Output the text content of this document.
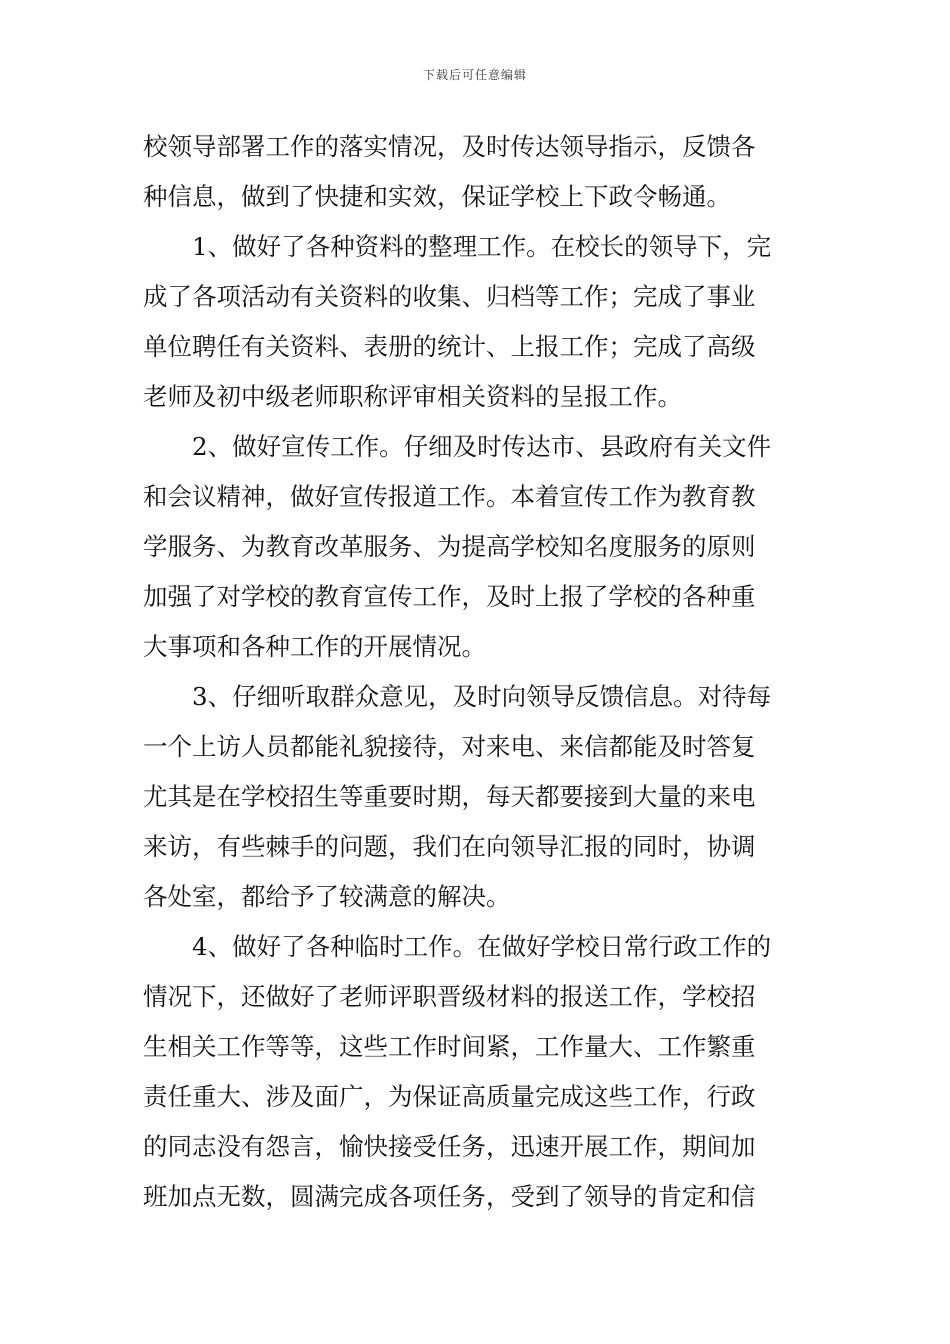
下载后可任意编辑
校领导部署工作的落实情况，及时传达领导指示，反馈各
种信息，做到了快捷和实效，保证学校上下政令畅通。
1、做好了各种资料的整理工作。在校长的领导下，完
成了各项活动有关资料的收集、归档等工作；完成了事业
单位聘任有关资料、表册的统计、上报工作；完成了高级
老师及初中级老师职称评审相关资料的呈报工作。
2、做好宣传工作。仔细及时传达市、县政府有关文件
和会议精神，做好宣传报道工作。本着宣传工作为教育教
学服务、为教育改革服务、为提高学校知名度服务的原则
加强了对学校的教育宣传工作，及时上报了学校的各种重
大事项和各种工作的开展情况。
3、仔细听取群众意见，及时向领导反馈信息。对待每
一个上访人员都能礼貌接待，对来电、来信都能及时答复
尤其是在学校招生等重要时期，每天都要接到大量的来电
来访，有些棘手的问题，我们在向领导汇报的同时，协调
各处室，都给予了较满意的解决。
4、做好了各种临时工作。在做好学校日常行政工作的
情况下，还做好了老师评职晋级材料的报送工作，学校招
生相关工作等等，这些工作时间紧，工作量大、工作繁重
责任重大、涉及面广，为保证高质量完成这些工作，行政
的同志没有怨言，愉快接受任务，迅速开展工作，期间加
班加点无数，圆满完成各项任务，受到了领导的肯定和信
